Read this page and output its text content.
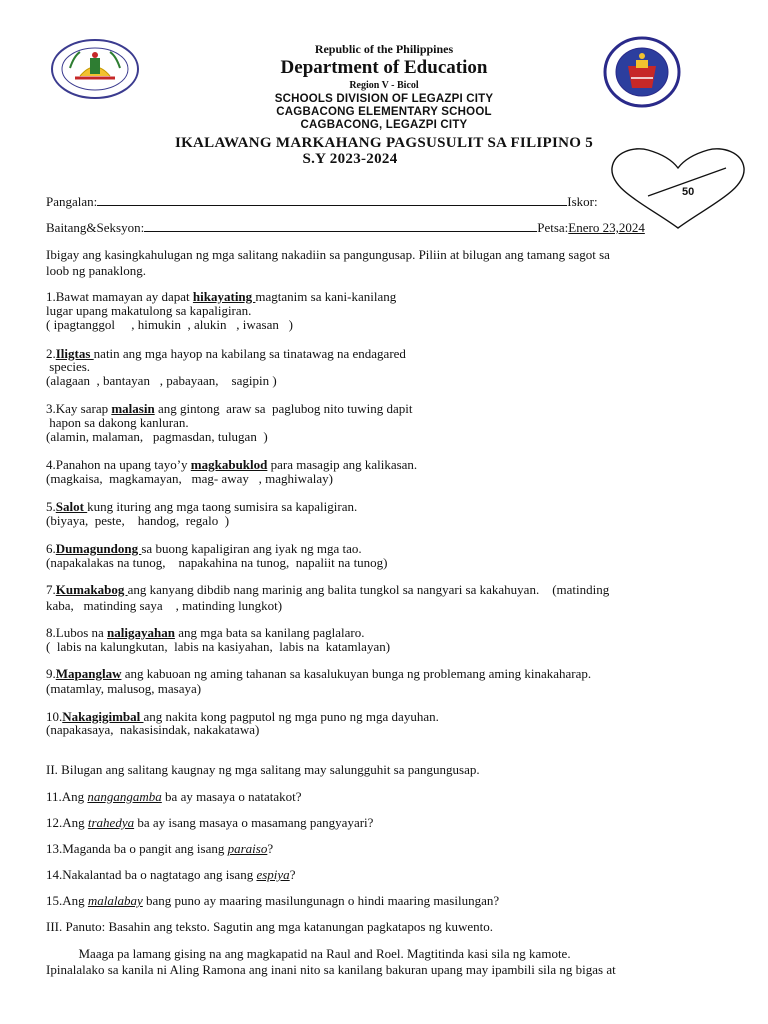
Republic of the Philippines
Department of Education
Region V - Bicol
SCHOOLS DIVISION OF LEGAZPI CITY
CAGBACONG ELEMENTARY SCHOOL
CAGBACONG, LEGAZPI CITY
IKALAWANG MARKAHANG PAGSUSULIT SA FILIPINO 5
S.Y 2023-2024
50
Pangalan:	Iskor:
Baitang&Seksyon:	Petsa:Enero 23,2024
Ibigay ang kasingkahulugan ng mga salitang nakadiin sa pangungusap. Piliin at bilugan ang tamang sagot sa
loob ng panaklong.
1.Bawat mamayan ay dapat hikayating magtanim sa kani-kanilang
lugar upang makatulong sa kapaligiran.
( ipagtanggol     , himukin  , alukin   , iwasan   )
2.Iligtas natin ang mga hayop na kabilang sa tinatawag na endagared
species.
(alagaan  , bantayan   , pabayaan,    sagipin )
3.Kay sarap malasin ang gintong  araw sa  paglubog nito tuwing dapit
hapon sa dakong kanluran.
(alamin, malaman,   pagmasdan, tulugan  )
4.Panahon na upang tayo’y magkabuklod para masagip ang kalikasan.
(magkaisa,  magkamayan,   mag- away   , maghiwalay)
5.Salot kung ituring ang mga taong sumisira sa kapaligiran.
(biyaya,  peste,    handog,  regalo  )
6.Dumagundong sa buong kapaligiran ang iyak ng mga tao.
(napakalakas na tunog,    napakahina na tunog,  napaliit na tunog)
7.Kumakabog ang kanyang dibdib nang marinig ang balita tungkol sa nangyari sa kakahuyan.    (matinding
kaba,   matinding saya    , matinding lungkot)
8.Lubos na naligayahan ang mga bata sa kanilang paglalaro.
(  labis na kalungkutan,  labis na kasiyahan,  labis na  katamlayan)
9.Mapanglaw ang kabuoan ng aming tahanan sa kasalukuyan bunga ng problemang aming kinakaharap.
(matamlay, malusog, masaya)
10.Nakagigimbal ang nakita kong pagputol ng mga puno ng mga dayuhan.
(napakasaya,  nakasisindak, nakakatawa)
II. Bilugan ang salitang kaugnay ng mga salitang may salungguhit sa pangungusap.
11.Ang nangangamba ba ay masaya o natatakot?
12.Ang trahedya ba ay isang masaya o masamang pangyayari?
13.Maganda ba o pangit ang isang paraiso?
14.Nakalantad ba o nagtatago ang isang espiya?
15.Ang malalabay bang puno ay maaring masilungunagn o hindi maaring masilungan?
III. Panuto: Basahin ang teksto. Sagutin ang mga katanungan pagkatapos ng kuwento.
Maaga pa lamang gising na ang magkapatid na Raul and Roel. Magtitinda kasi sila ng kamote.
Ipinalalako sa kanila ni Aling Ramona ang inani nito sa kanilang bakuran upang may ipambili sila ng bigas at
